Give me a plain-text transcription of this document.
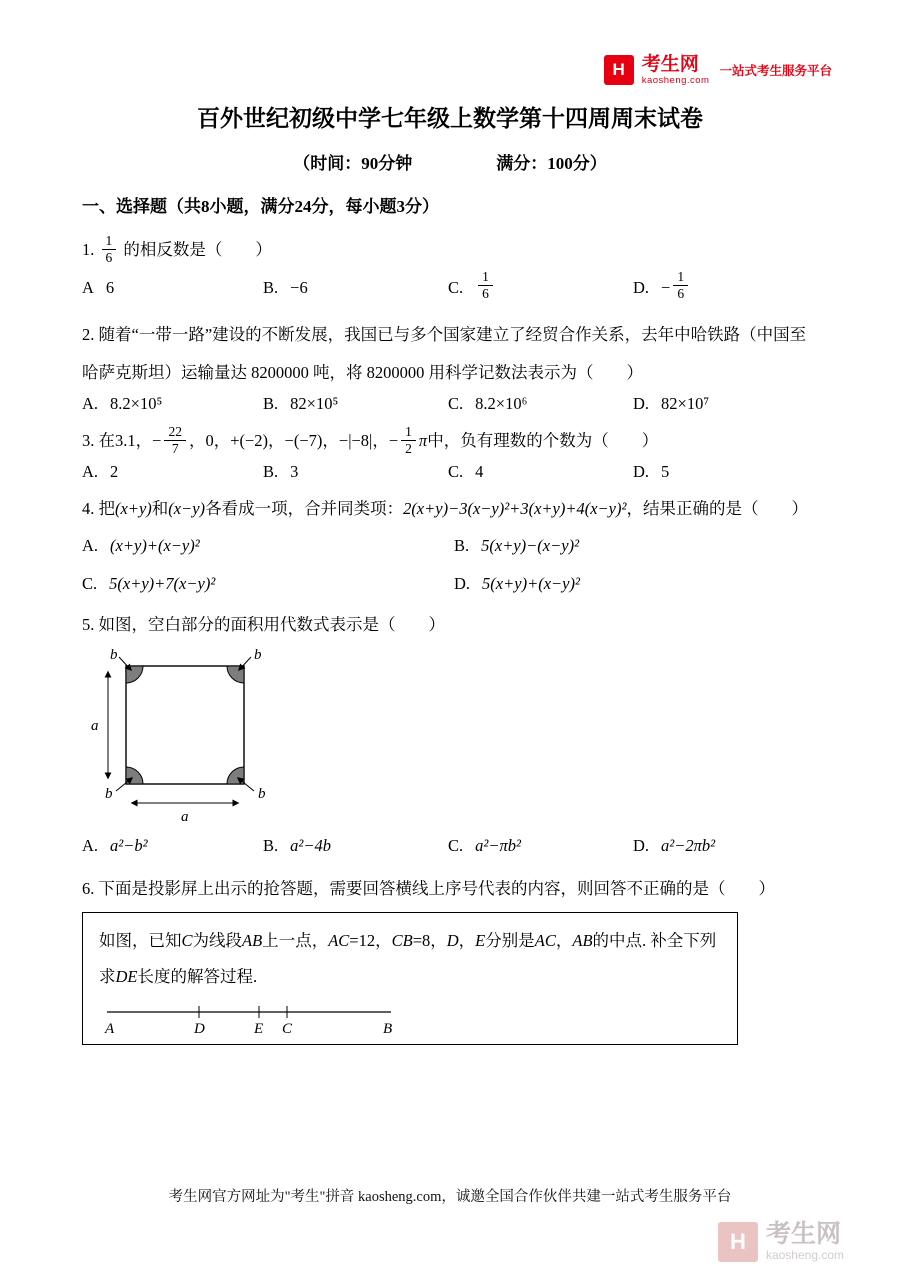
H 考生网
kaosheng.com
一站式考生服务平台
百外世纪初级中学七年级上数学第十四周周末试卷
（时间：90分钟	满分：100分）
一、选择题（共8小题，满分24分，每小题3分）

1. $\frac{1}{6}$ 的相反数是（　　）

A 6	B. −6	C. $\frac{1}{6}$	D. − $\frac{1}{6}$

2. 随着“一带一路”建设的不断发展，我国已与多个国家建立了经贸合作关系，去年中哈铁路（中国至哈萨克斯坦）运输量达 8200000 吨，将 8200000 用科学记数法表示为（　　）

A. 8.2×10⁵	B. 82×10⁵	C. 8.2×10⁶	D. 82×10⁷

3. 在3.1，− $\frac{22}{7}$ ，0，+(−2)，−(−7)，−|−8|，− $\frac{1}{2}$ π中，负有理数的个数为（　　）

A. 2	B. 3	C. 4	D. 5

4. 把(x+y)和(x−y)各看成一项，合并同类项：2(x+y)−3(x−y)²+3(x+y)+4(x−y)²，结果正确的是（　　）

A. (x+y)+(x−y)²	B. 5(x+y)−(x−y)²
C. 5(x+y)+7(x−y)²	D. 5(x+y)+(x−y)²

5. 如图，空白部分的面积用代数式表示是（　　）

b	b
b	b
a
a
A. a²−b²	B. a²−4b	C. a²−πb²	D. a²−2πb²

6. 下面是投影屏上出示的抢答题，需要回答横线上序号代表的内容，则回答不正确的是（　　）

如图，已知C为线段AB上一点，AC=12，CB=8，D，E分别是AC，AB的中点. 补全下列求DE长度的解答过程.
A	D	E C	B
考生网官方网址为"考生"拼音 kaosheng.com，诚邀全国合作伙伴共建一站式考生服务平台
H 考生网
kaosheng.com
